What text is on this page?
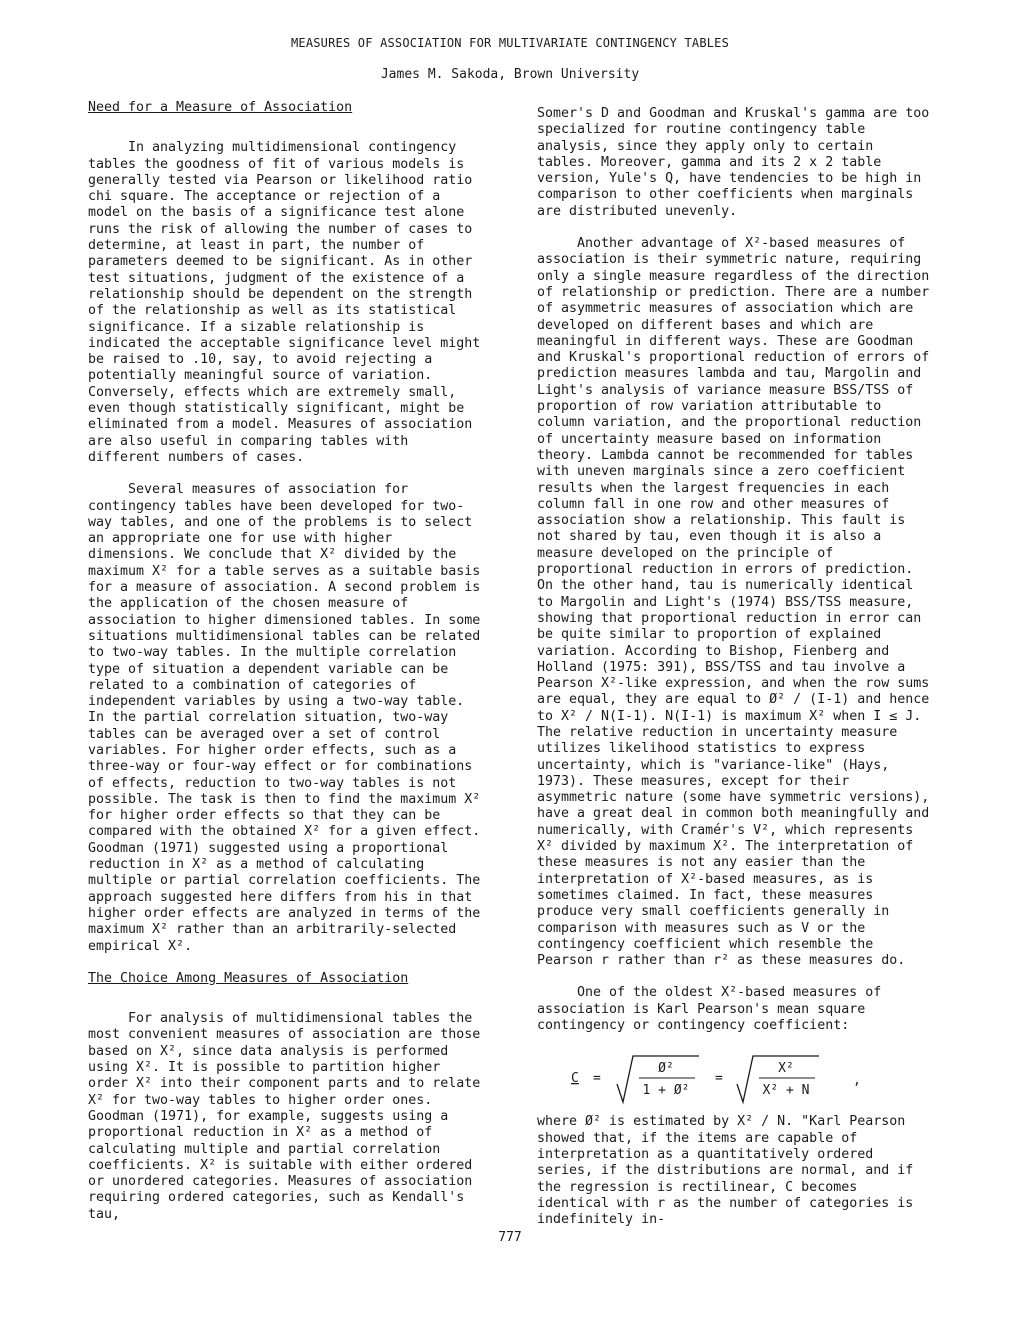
MEASURES OF ASSOCIATION FOR MULTIVARIATE CONTINGENCY TABLES
James M. Sakoda, Brown University

Need for a Measure of Association

In analyzing multidimensional contingency tables the goodness of fit of various models is generally tested via Pearson or likelihood ratio chi square. The acceptance or rejection of a model on the basis of a significance test alone runs the risk of allowing the number of cases to determine, at least in part, the number of parameters deemed to be significant. As in other test situations, judgment of the existence of a relationship should be dependent on the strength of the relationship as well as its statistical significance. If a sizable relationship is indicated the acceptable significance level might be raised to .10, say, to avoid rejecting a potentially meaningful source of variation. Conversely, effects which are extremely small, even though statistically significant, might be eliminated from a model. Measures of association are also useful in comparing tables with different numbers of cases.

Several measures of association for contingency tables have been developed for two-way tables, and one of the problems is to select an appropriate one for use with higher dimensions. We conclude that X² divided by the maximum X² for a table serves as a suitable basis for a measure of association. A second problem is the application of the chosen measure of association to higher dimensioned tables. In some situations multidimensional tables can be related to two-way tables. In the multiple correlation type of situation a dependent variable can be related to a combination of categories of independent variables by using a two-way table. In the partial correlation situation, two-way tables can be averaged over a set of control variables. For higher order effects, such as a three-way or four-way effect or for combinations of effects, reduction to two-way tables is not possible. The task is then to find the maximum X² for higher order effects so that they can be compared with the obtained X² for a given effect. Goodman (1971) suggested using a proportional reduction in X² as a method of calculating multiple or partial correlation coefficients. The approach suggested here differs from his in that higher order effects are analyzed in terms of the maximum X² rather than an arbitrarily-selected empirical X².

The Choice Among Measures of Association

For analysis of multidimensional tables the most convenient measures of association are those based on X², since data analysis is performed using X². It is possible to partition higher order X² into their component parts and to relate X² for two-way tables to higher order ones. Goodman (1971), for example, suggests using a proportional reduction in X² as a method of calculating multiple and partial correlation coefficients. X² is suitable with either ordered or unordered categories. Measures of association requiring ordered categories, such as Kendall's tau,

Somer's D and Goodman and Kruskal's gamma are too specialized for routine contingency table analysis, since they apply only to certain tables. Moreover, gamma and its 2 x 2 table version, Yule's Q, have tendencies to be high in comparison to other coefficients when marginals are distributed unevenly.

Another advantage of X²-based measures of association is their symmetric nature, requiring only a single measure regardless of the direction of relationship or prediction. There are a number of asymmetric measures of association which are developed on different bases and which are meaningful in different ways. These are Goodman and Kruskal's proportional reduction of errors of prediction measures lambda and tau, Margolin and Light's analysis of variance measure BSS/TSS of proportion of row variation attributable to column variation, and the proportional reduction of uncertainty measure based on information theory. Lambda cannot be recommended for tables with uneven marginals since a zero coefficient results when the largest frequencies in each column fall in one row and other measures of association show a relationship. This fault is not shared by tau, even though it is also a measure developed on the principle of proportional reduction in errors of prediction. On the other hand, tau is numerically identical to Margolin and Light's (1974) BSS/TSS measure, showing that proportional reduction in error can be quite similar to proportion of explained variation. According to Bishop, Fienberg and Holland (1975: 391), BSS/TSS and tau involve a Pearson X²-like expression, and when the row sums are equal, they are equal to Ø² / (I-1) and hence to X² / N(I-1). N(I-1) is maximum X² when I ≤ J. The relative reduction in uncertainty measure utilizes likelihood statistics to express uncertainty, which is "variance-like" (Hays, 1973). These measures, except for their asymmetric nature (some have symmetric versions), have a great deal in common both meaningfully and numerically, with Cramér's V², which represents X² divided by maximum X². The interpretation of these measures is not any easier than the interpretation of X²-based measures, as is sometimes claimed. In fact, these measures produce very small coefficients generally in comparison with measures such as V or the contingency coefficient which resemble the Pearson r rather than r² as these measures do.

One of the oldest X²-based measures of association is Karl Pearson's mean square contingency or contingency coefficient:

C =
Ø²
1 + Ø²
=
X²
X² + N
,

where Ø² is estimated by X² / N. "Karl Pearson showed that, if the items are capable of interpretation as a quantitatively ordered series, if the distributions are normal, and if the regression is rectilinear, C becomes identical with r as the number of categories is indefinitely in-

777
